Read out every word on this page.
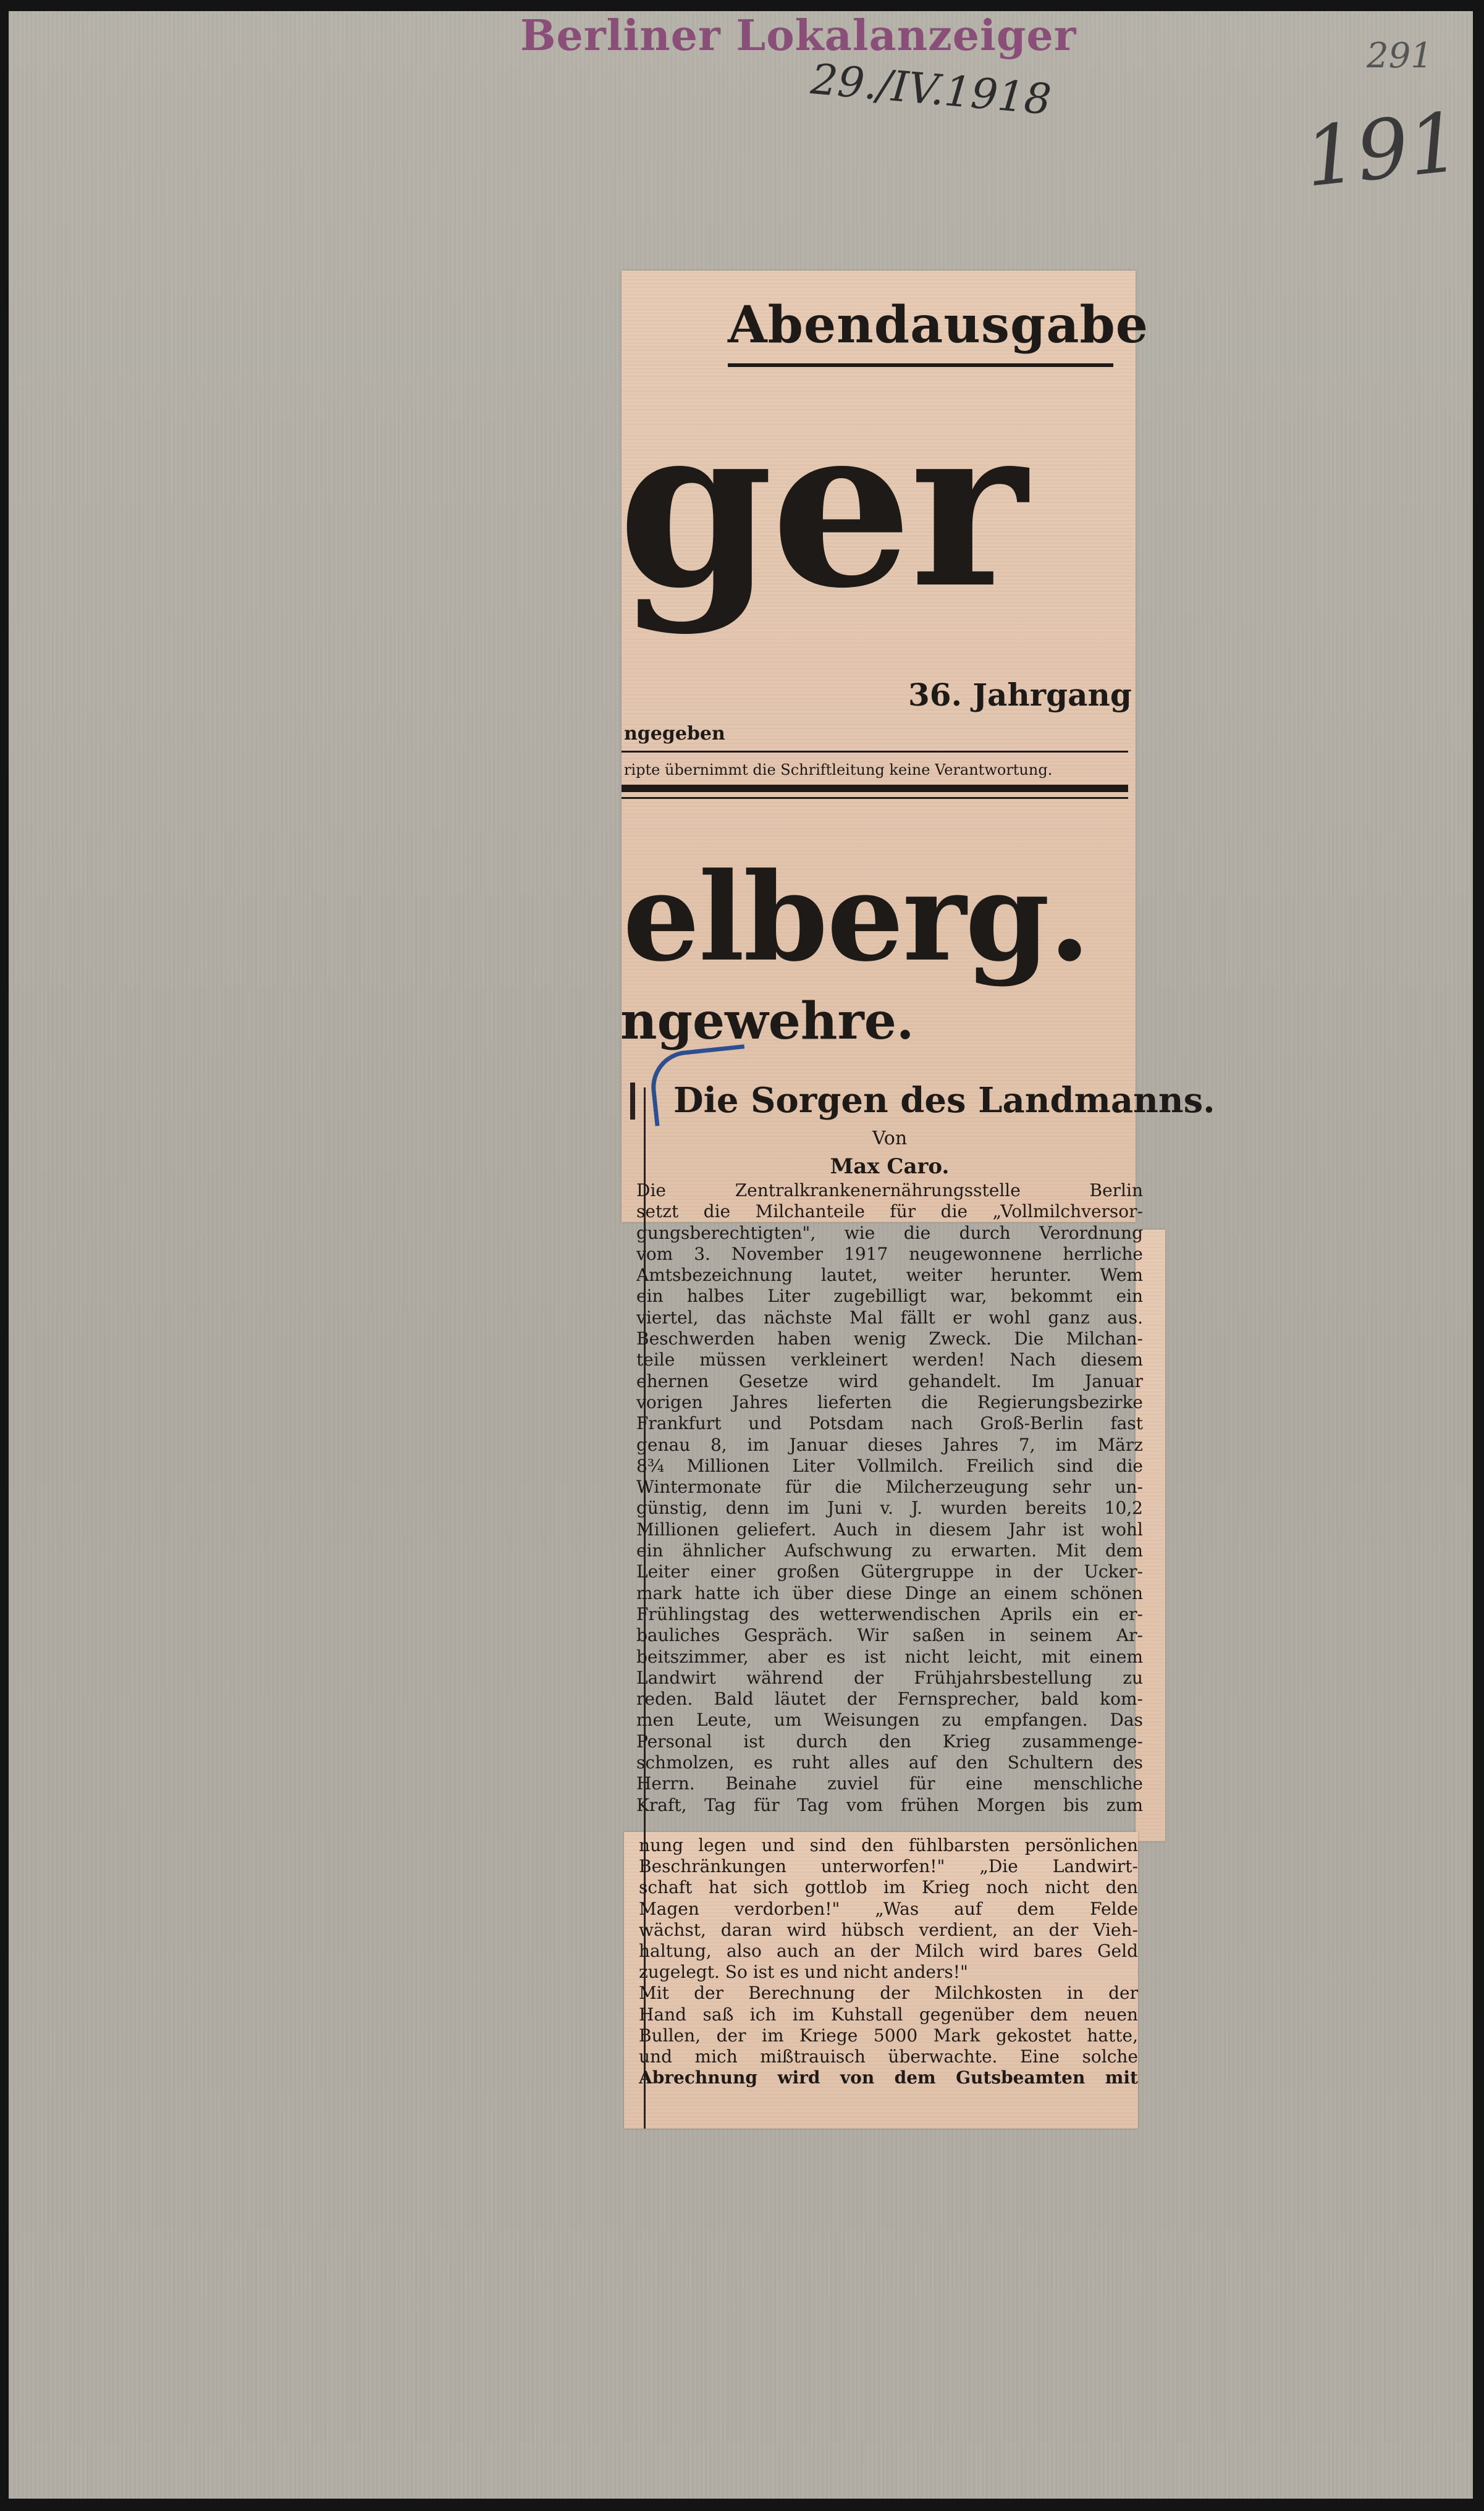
Berliner Lokalanzeiger
29./IV.1918	291
191
Abendausgabe
ger
36. Jahrgang
ngegeben
ripte übernimmt die Schriftleitung keine Verantwortung.
elberg.
ngewehre.
Die Sorgen des Landmanns.
Von
Max Caro.
Die Zentralkrankenernährungsstelle Berlin
setzt die Milchanteile für die „Vollmilchversor-
gungsberechtigten", wie die durch Verordnung
vom 3. November 1917 neugewonnene herrliche
Amtsbezeichnung lautet, weiter herunter. Wem
ein halbes Liter zugebilligt war, bekommt ein
viertel, das nächste Mal fällt er wohl ganz aus.
Beschwerden haben wenig Zweck. Die Milchan-
teile müssen verkleinert werden! Nach diesem
ehernen Gesetze wird gehandelt. Im Januar
vorigen Jahres lieferten die Regierungsbezirke
Frankfurt und Potsdam nach Groß-Berlin fast
genau 8, im Januar dieses Jahres 7, im März
8¾ Millionen Liter Vollmilch. Freilich sind die
Wintermonate für die Milcherzeugung sehr un-
günstig, denn im Juni v. J. wurden bereits 10,2
Millionen geliefert. Auch in diesem Jahr ist wohl
ein ähnlicher Aufschwung zu erwarten. Mit dem
Leiter einer großen Gütergruppe in der Ucker-
mark hatte ich über diese Dinge an einem schönen
Frühlingstag des wetterwendischen Aprils ein er-
bauliches Gespräch. Wir saßen in seinem Ar-
beitszimmer, aber es ist nicht leicht, mit einem
Landwirt während der Frühjahrsbestellung zu
reden. Bald läutet der Fernsprecher, bald kom-
men Leute, um Weisungen zu empfangen. Das
Personal ist durch den Krieg zusammenge-
schmolzen, es ruht alles auf den Schultern des
Herrn. Beinahe zuviel für eine menschliche
Kraft, Tag für Tag vom frühen Morgen bis zum
nung legen und sind den fühlbarsten persönlichen
Beschränkungen unterworfen!" „Die Landwirt-
schaft hat sich gottlob im Krieg noch nicht den
Magen verdorben!" „Was auf dem Felde
wächst, daran wird hübsch verdient, an der Vieh-
haltung, also auch an der Milch wird bares Geld
zugelegt. So ist es und nicht anders!"
Mit der Berechnung der Milchkosten in der
Hand saß ich im Kuhstall gegenüber dem neuen
Bullen, der im Kriege 5000 Mark gekostet hatte,
und mich mißtrauisch überwachte. Eine solche
Abrechnung wird von dem Gutsbeamten mit
